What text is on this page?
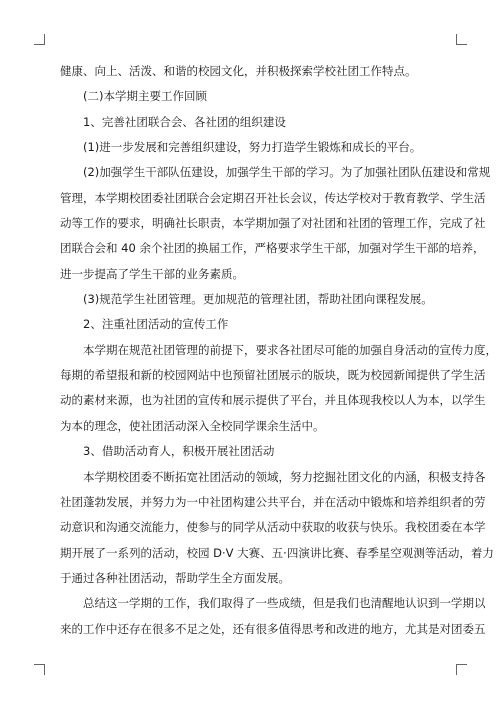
健康、向上、活泼、和谐的校园文化，并积极探索学校社团工作特点。
(二)本学期主要工作回顾
1、完善社团联合会、各社团的组织建设
(1)进一步发展和完善组织建设，努力打造学生锻炼和成长的平台。
(2)加强学生干部队伍建设，加强学生干部的学习。为了加强社团队伍建设和常规
管理，本学期校团委社团联合会定期召开社长会议，传达学校对于教育教学、学生活
动等工作的要求，明确社长职责，本学期加强了对社团和社团的管理工作，完成了社
团联合会和 40 余个社团的换届工作，严格要求学生干部，加强对学生干部的培养，
进一步提高了学生干部的业务素质。
(3)规范学生社团管理。更加规范的管理社团，帮助社团向课程发展。
2、注重社团活动的宣传工作
本学期在规范社团管理的前提下，要求各社团尽可能的加强自身活动的宣传力度，
每期的希望报和新的校园网站中也预留社团展示的版块，既为校园新闻提供了学生活
动的素材来源，也为社团的宣传和展示提供了平台，并且体现我校以人为本，以学生
为本的理念，使社团活动深入全校同学课余生活中。
3、借助活动育人，积极开展社团活动
本学期校团委不断拓宽社团活动的领域，努力挖掘社团文化的内涵，积极支持各
社团蓬勃发展，并努力为一中社团构建公共平台，并在活动中锻炼和培养组织者的劳
动意识和沟通交流能力，使参与的同学从活动中获取的收获与快乐。我校团委在本学
期开展了一系列的活动，校园 D·V 大赛、五·四演讲比赛、春季星空观测等活动，着力
于通过各种社团活动，帮助学生全方面发展。
总结这一学期的工作，我们取得了一些成绩，但是我们也清醒地认识到一学期以
来的工作中还存在很多不足之处，还有很多值得思考和改进的地方，尤其是对团委五
